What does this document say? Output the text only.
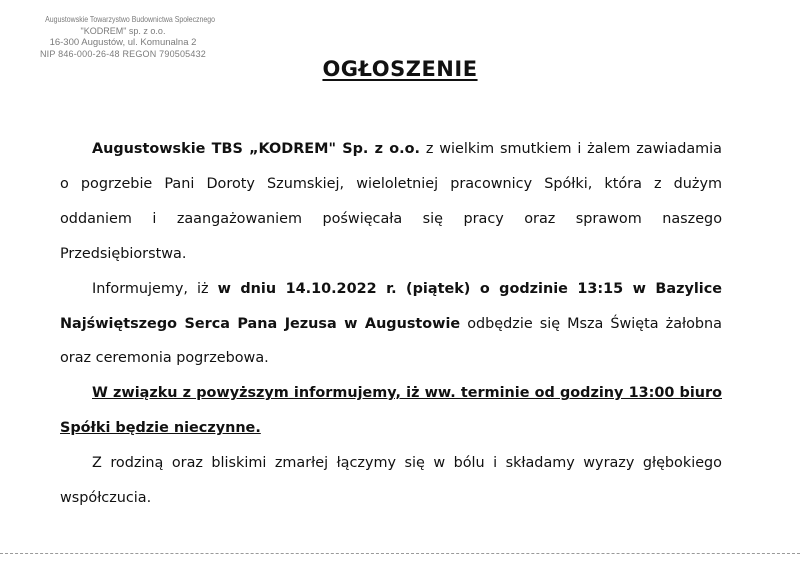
Augustowskie Towarzystwo Budownictwa Społecznego
"KODREM" sp. z o.o.
16-300 Augustów, ul. Komunalna 2
NIP 846-000-26-48 REGON 790505432
OGŁOSZENIE

Augustowskie TBS „KODREM" Sp. z o.o. z wielkim smutkiem i żalem zawiadamia
o pogrzebie Pani Doroty Szumskiej, wieloletniej pracownicy Spółki, która z dużym
oddaniem i zaangażowaniem poświęcała się pracy oraz sprawom naszego
Przedsiębiorstwa.

Informujemy, iż w dniu 14.10.2022 r. (piątek) o godzinie 13:15 w Bazylice
Najświętszego Serca Pana Jezusa w Augustowie odbędzie się Msza Święta żałobna
oraz ceremonia pogrzebowa.

W związku z powyższym informujemy, iż ww. terminie od godziny 13:00 biuro
Spółki będzie nieczynne.

Z rodziną oraz bliskimi zmarłej łączymy się w bólu i składamy wyrazy głębokiego
współczucia.
